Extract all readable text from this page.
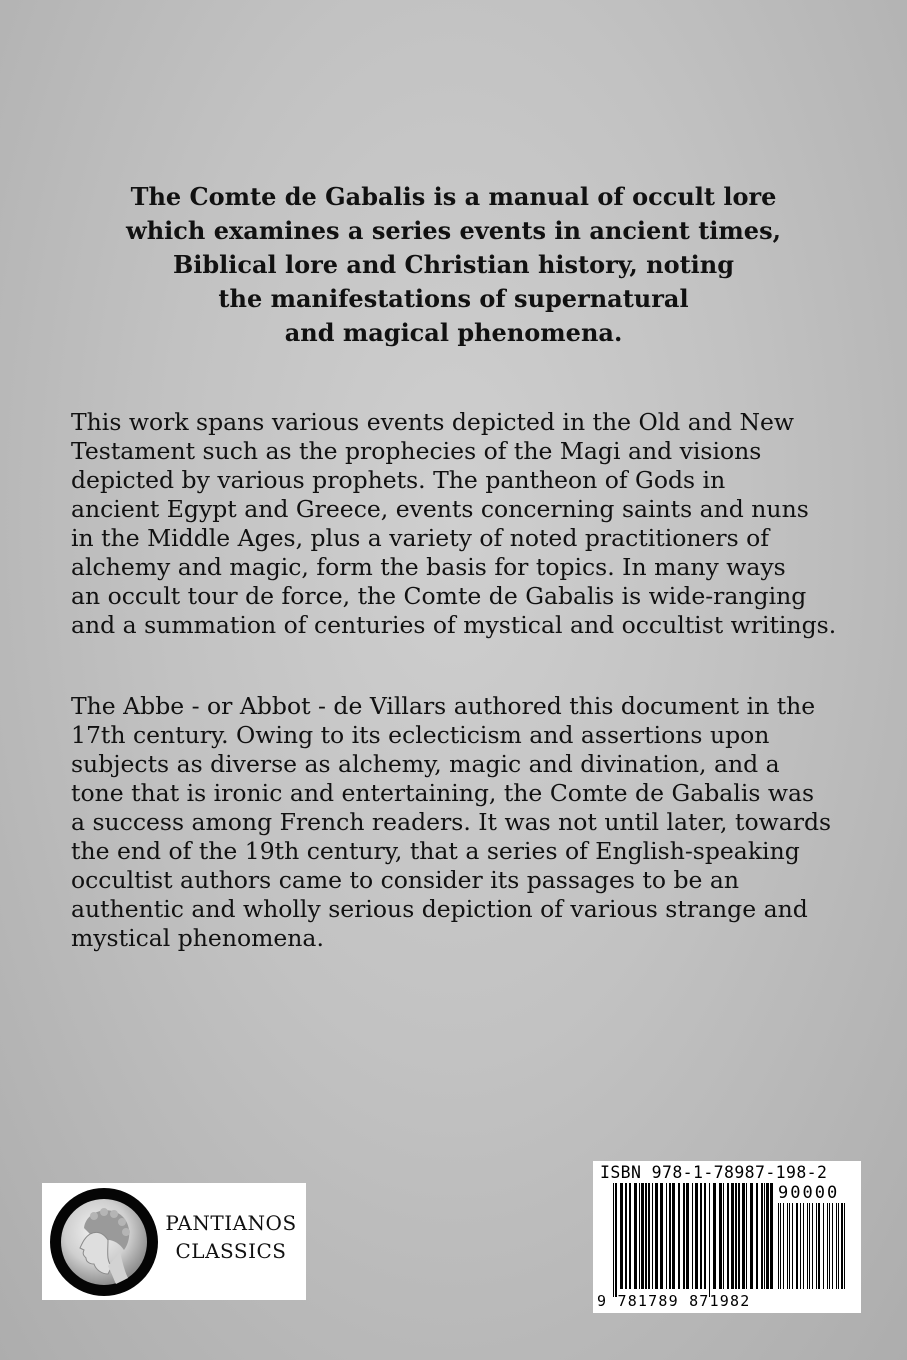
The Comte de Gabalis is a manual of occult lore
which examines a series events in ancient times,
Biblical lore and Christian history, noting
the manifestations of supernatural
and magical phenomena.
This work spans various events depicted in the Old and New
Testament such as the prophecies of the Magi and visions
depicted by various prophets. The pantheon of Gods in
ancient Egypt and Greece, events concerning saints and nuns
in the Middle Ages, plus a variety of noted practitioners of
alchemy and magic, form the basis for topics. In many ways
an occult tour de force, the Comte de Gabalis is wide-ranging
and a summation of centuries of mystical and occultist writings.
The Abbe - or Abbot - de Villars authored this document in the
17th century. Owing to its eclecticism and assertions upon
subjects as diverse as alchemy, magic and divination, and a
tone that is ironic and entertaining, the Comte de Gabalis was
a success among French readers. It was not until later, towards
the end of the 19th century, that a series of English-speaking
occultist authors came to consider its passages to be an
authentic and wholly serious depiction of various strange and
mystical phenomena.
PANTIANOS
CLASSICS
ISBN 978-1-78987-198-2
90000
9 781789 871982
